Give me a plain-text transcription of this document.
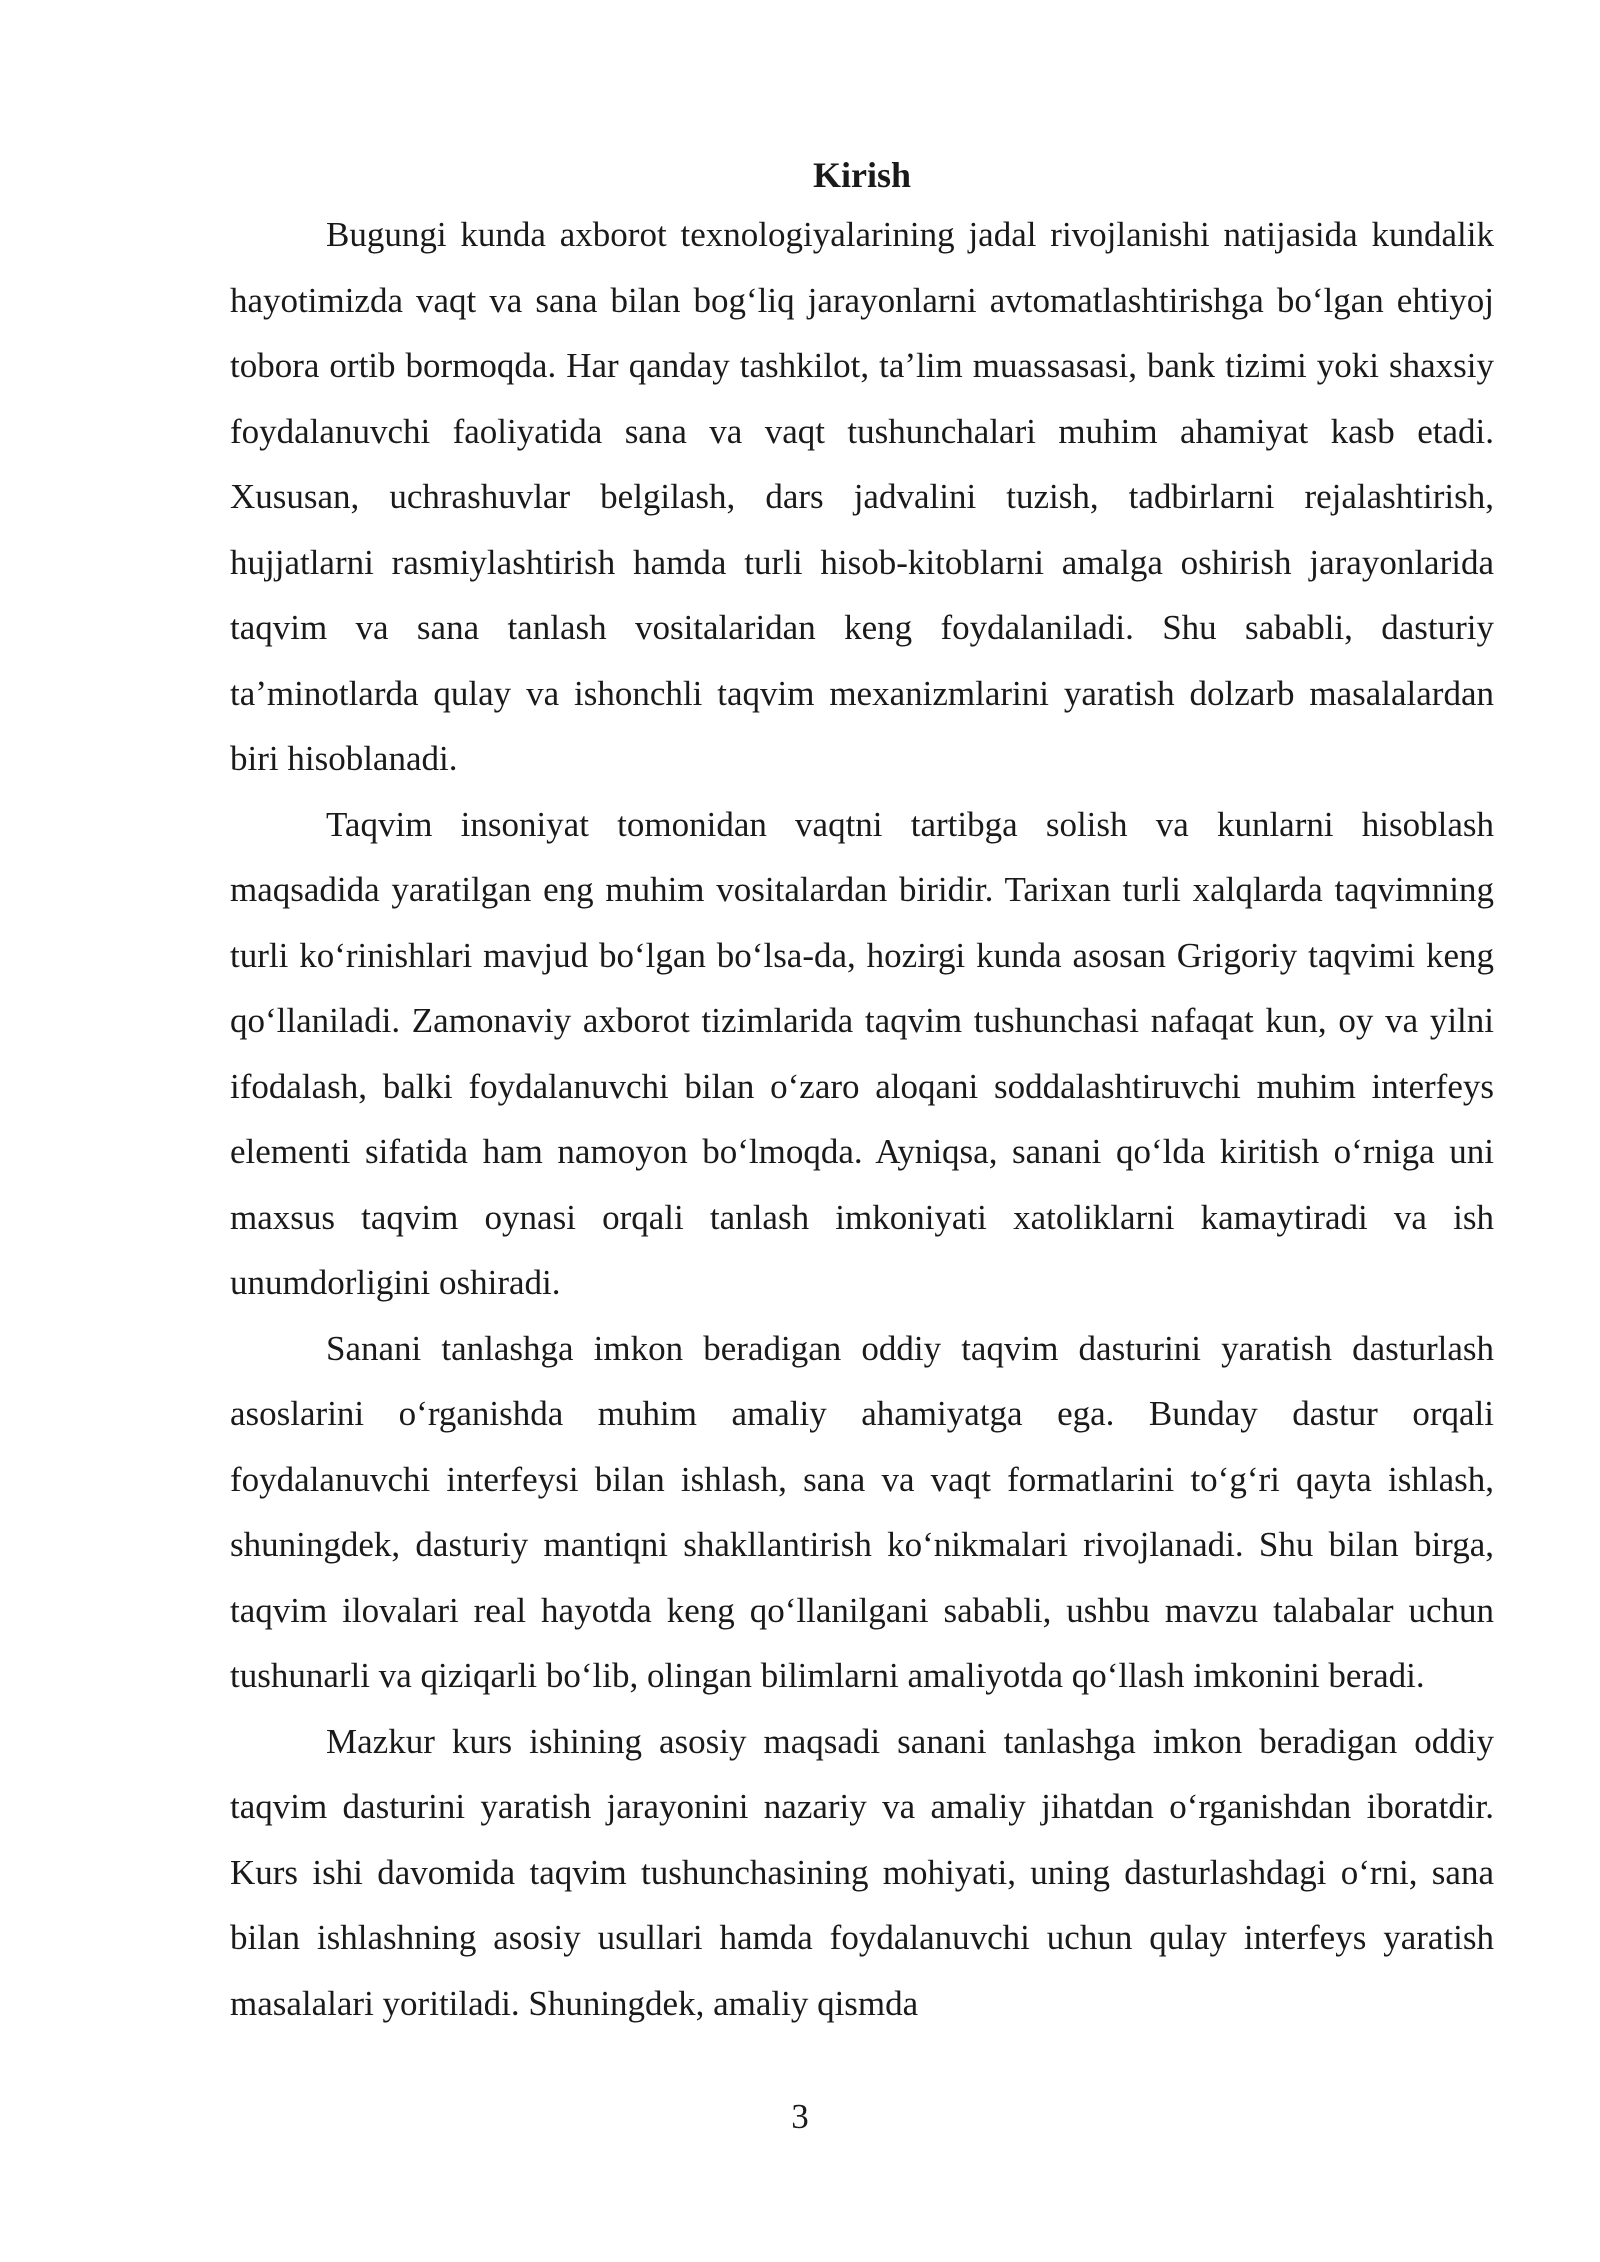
Kirish

Bugungi kunda axborot texnologiyalarining jadal rivojlanishi natijasida kundalik hayotimizda vaqt va sana bilan bogʻliq jarayonlarni avtomatlashtirishga boʻlgan ehtiyoj tobora ortib bormoqda. Har qanday tashkilot, taʼlim muassasasi, bank tizimi yoki shaxsiy foydalanuvchi faoliyatida sana va vaqt tushunchalari muhim ahamiyat kasb etadi. Xususan, uchrashuvlar belgilash, dars jadvalini tuzish, tadbirlarni rejalashtirish, hujjatlarni rasmiylashtirish hamda turli hisob-kitoblarni amalga oshirish jarayonlarida taqvim va sana tanlash vositalaridan keng foydalaniladi. Shu sababli, dasturiy taʼminotlarda qulay va ishonchli taqvim mexanizmlarini yaratish dolzarb masalalardan biri hisoblanadi.

Taqvim insoniyat tomonidan vaqtni tartibga solish va kunlarni hisoblash maqsadida yaratilgan eng muhim vositalardan biridir. Tarixan turli xalqlarda taqvimning turli koʻrinishlari mavjud boʻlgan boʻlsa-da, hozirgi kunda asosan Grigoriy taqvimi keng qoʻllaniladi. Zamonaviy axborot tizimlarida taqvim tushunchasi nafaqat kun, oy va yilni ifodalash, balki foydalanuvchi bilan oʻzaro aloqani soddalashtiruvchi muhim interfeys elementi sifatida ham namoyon boʻlmoqda. Ayniqsa, sanani qoʻlda kiritish oʻrniga uni maxsus taqvim oynasi orqali tanlash imkoniyati xatoliklarni kamaytiradi va ish unumdorligini oshiradi.

Sanani tanlashga imkon beradigan oddiy taqvim dasturini yaratish dasturlash asoslarini oʻrganishda muhim amaliy ahamiyatga ega. Bunday dastur orqali foydalanuvchi interfeysi bilan ishlash, sana va vaqt formatlarini toʻgʻri qayta ishlash, shuningdek, dasturiy mantiqni shakllantirish koʻnikmalari rivojlanadi. Shu bilan birga, taqvim ilovalari real hayotda keng qoʻllanilgani sababli, ushbu mavzu talabalar uchun tushunarli va qiziqarli boʻlib, olingan bilimlarni amaliyotda qoʻllash imkonini beradi.

Mazkur kurs ishining asosiy maqsadi sanani tanlashga imkon beradigan oddiy taqvim dasturini yaratish jarayonini nazariy va amaliy jihatdan oʻrganishdan iboratdir. Kurs ishi davomida taqvim tushunchasining mohiyati, uning dasturlashdagi oʻrni, sana bilan ishlashning asosiy usullari hamda foydalanuvchi uchun qulay interfeys yaratish masalalari yoritiladi. Shuningdek, amaliy qismda

3
